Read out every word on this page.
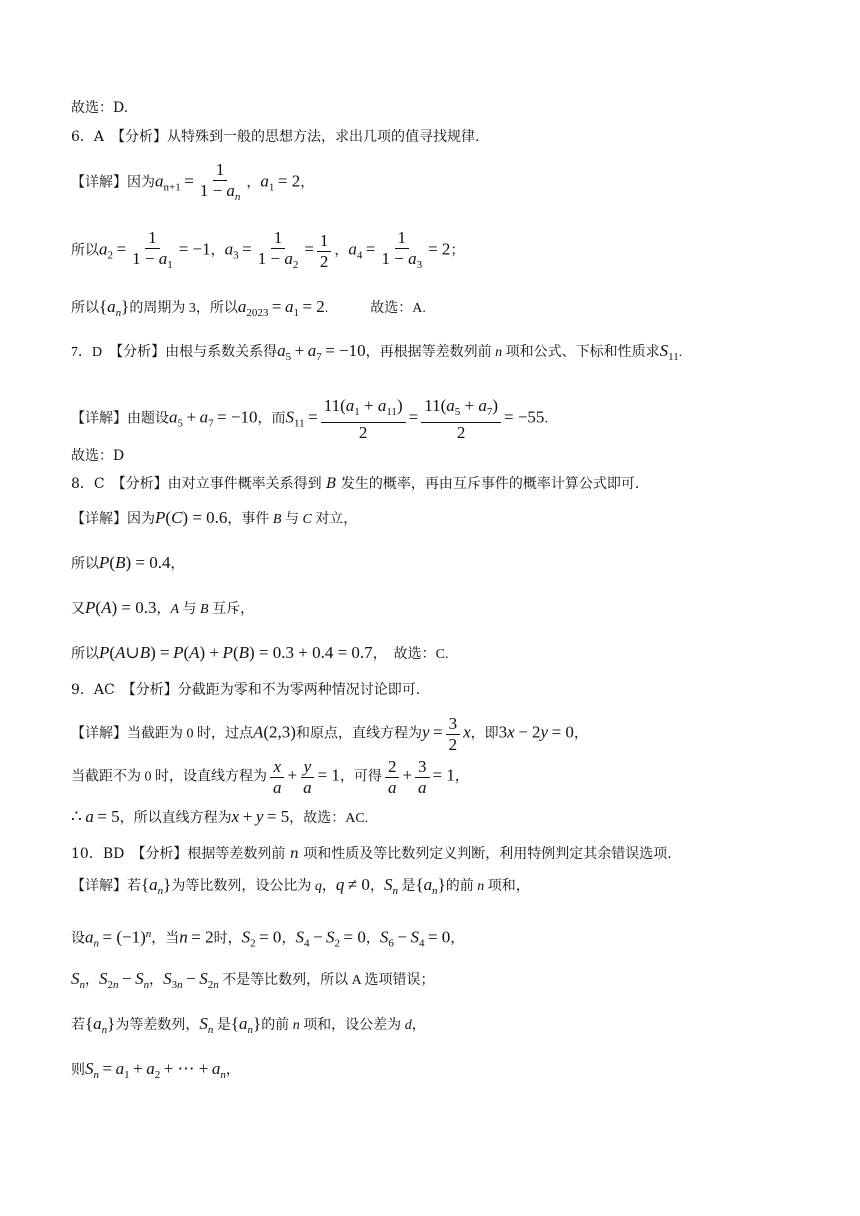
故选：D.
6．A　【分析】从特殊到一般的思想方法，求出几项的值寻找规律.
【详解】因为$a_{n+1} = \frac{1}{1 - a_n}$ ，$a_1 = 2$，
所以$a_2 = \frac{1}{1 - a_1} = -1$，$a_3 = \frac{1}{1 - a_2} = \frac{1}{2}$ ，$a_4 = \frac{1}{1 - a_3} = 2$；
所以$\{a_n\}$的周期为 3，所以$a_{2023} = a_1 = 2$.　　　故选：A.
7．D　【分析】由根与系数关系得$a_5 + a_7 = -10$，再根据等差数列前 n 项和公式、下标和性质求$S_{11}$.
【详解】由题设$a_5 + a_7 = -10$，而$S_{11} = \frac{11(a_1 + a_{11})}{2} = \frac{11(a_5 + a_7)}{2} = -55$.
故选：D
8．C　【分析】由对立事件概率关系得到 B 发生的概率，再由互斥事件的概率计算公式即可.
【详解】因为P(C) = 0.6，事件 B 与 C 对立，
所以P(B) = 0.4，
又P(A) = 0.3，A 与 B 互斥，
所以P(A∪B) = P(A) + P(B) = 0.3 + 0.4 = 0.7，　故选：C.
9．AC　【分析】分截距为零和不为零两种情况讨论即可.
【详解】当截距为 0 时，过点A(2,3)和原点，直线方程为$y = \frac{3}{2}$ x，即3x − 2y = 0，
当截距不为 0 时，设直线方程为 $\frac{x}{a} + \frac{y}{a} = 1$，可得 $\frac{2}{a} + \frac{3}{a} = 1$，
∴ a = 5，所以直线方程为x + y = 5，故选：AC.
10．BD　【分析】根据等差数列前 n 项和性质及等比数列定义判断，利用特例判定其余错误选项.
【详解】若$\{a_n\}$为等比数列，设公比为 q，q ≠ 0，$S_n$ 是$\{a_n\}$的前 n 项和，
设$a_n = (-1)^n$，当n = 2时，$S_2 = 0$，$S_4 - S_2 = 0$，$S_6 - S_4 = 0$，
$S_n$，$S_{2n} - S_n$，$S_{3n} - S_{2n}$ 不是等比数列，所以 A 选项错误；
若$\{a_n\}$为等差数列，$S_n$ 是$\{a_n\}$的前 n 项和，设公差为 d，
则$S_n = a_1 + a_2$ + ⋯ + $a_n$，
